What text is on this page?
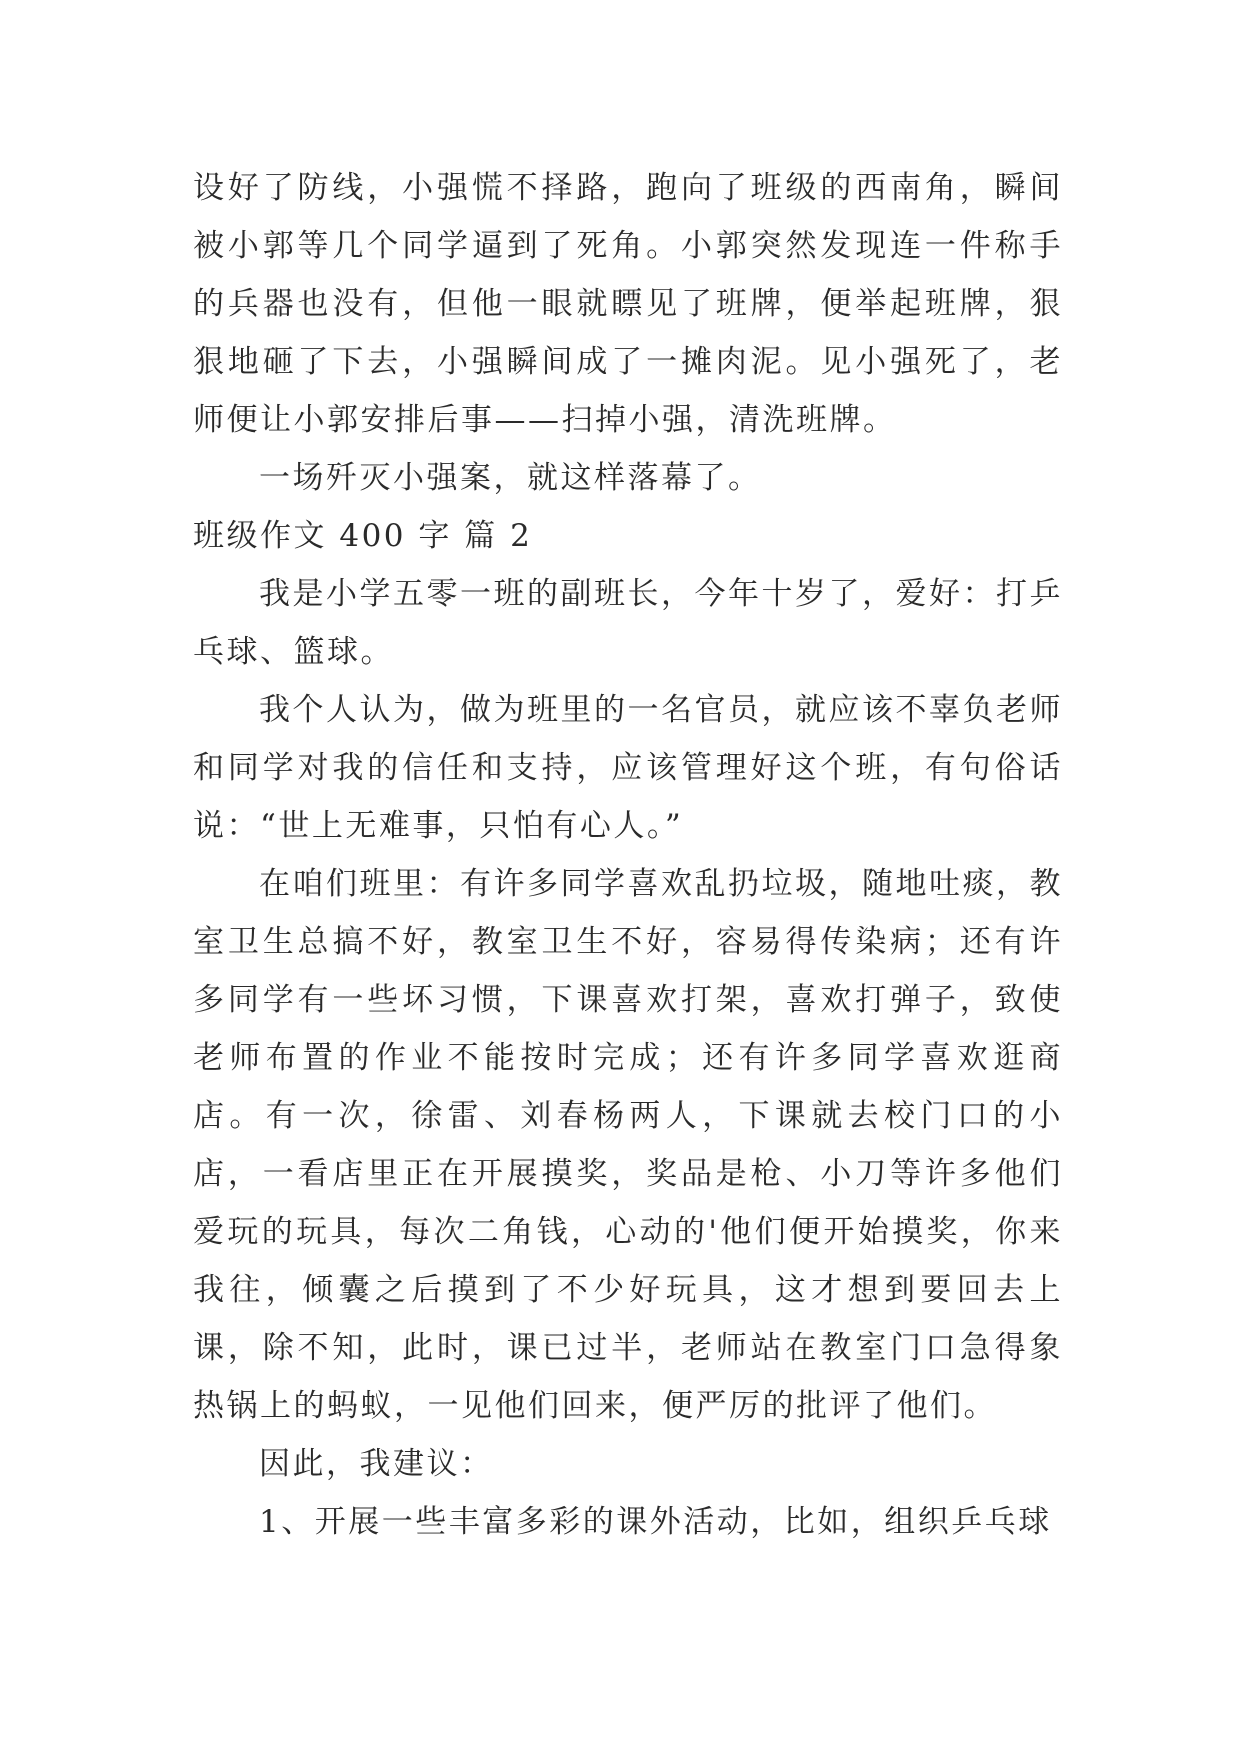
设好了防线，小强慌不择路，跑向了班级的西南角，瞬间被小郭等几个同学逼到了死角。小郭突然发现连一件称手的兵器也没有，但他一眼就瞟见了班牌，便举起班牌，狠狠地砸了下去，小强瞬间成了一摊肉泥。见小强死了，老师便让小郭安排后事——扫掉小强，清洗班牌。

一场歼灭小强案，就这样落幕了。

班级作文 400 字 篇 2

我是小学五零一班的副班长，今年十岁了，爱好：打乒乓球、篮球。

我个人认为，做为班里的一名官员，就应该不辜负老师和同学对我的信任和支持，应该管理好这个班，有句俗话说：“世上无难事，只怕有心人。”

在咱们班里：有许多同学喜欢乱扔垃圾，随地吐痰，教室卫生总搞不好，教室卫生不好，容易得传染病；还有许多同学有一些坏习惯，下课喜欢打架，喜欢打弹子，致使老师布置的作业不能按时完成；还有许多同学喜欢逛商店。有一次，徐雷、刘春杨两人，下课就去校门口的小店，一看店里正在开展摸奖，奖品是枪、小刀等许多他们爱玩的玩具，每次二角钱，心动的'他们便开始摸奖，你来我往，倾囊之后摸到了不少好玩具，这才想到要回去上课，除不知，此时，课已过半，老师站在教室门口急得象热锅上的蚂蚁，一见他们回来，便严厉的批评了他们。

因此，我建议：

1、开展一些丰富多彩的课外活动，比如，组织乒乓球
